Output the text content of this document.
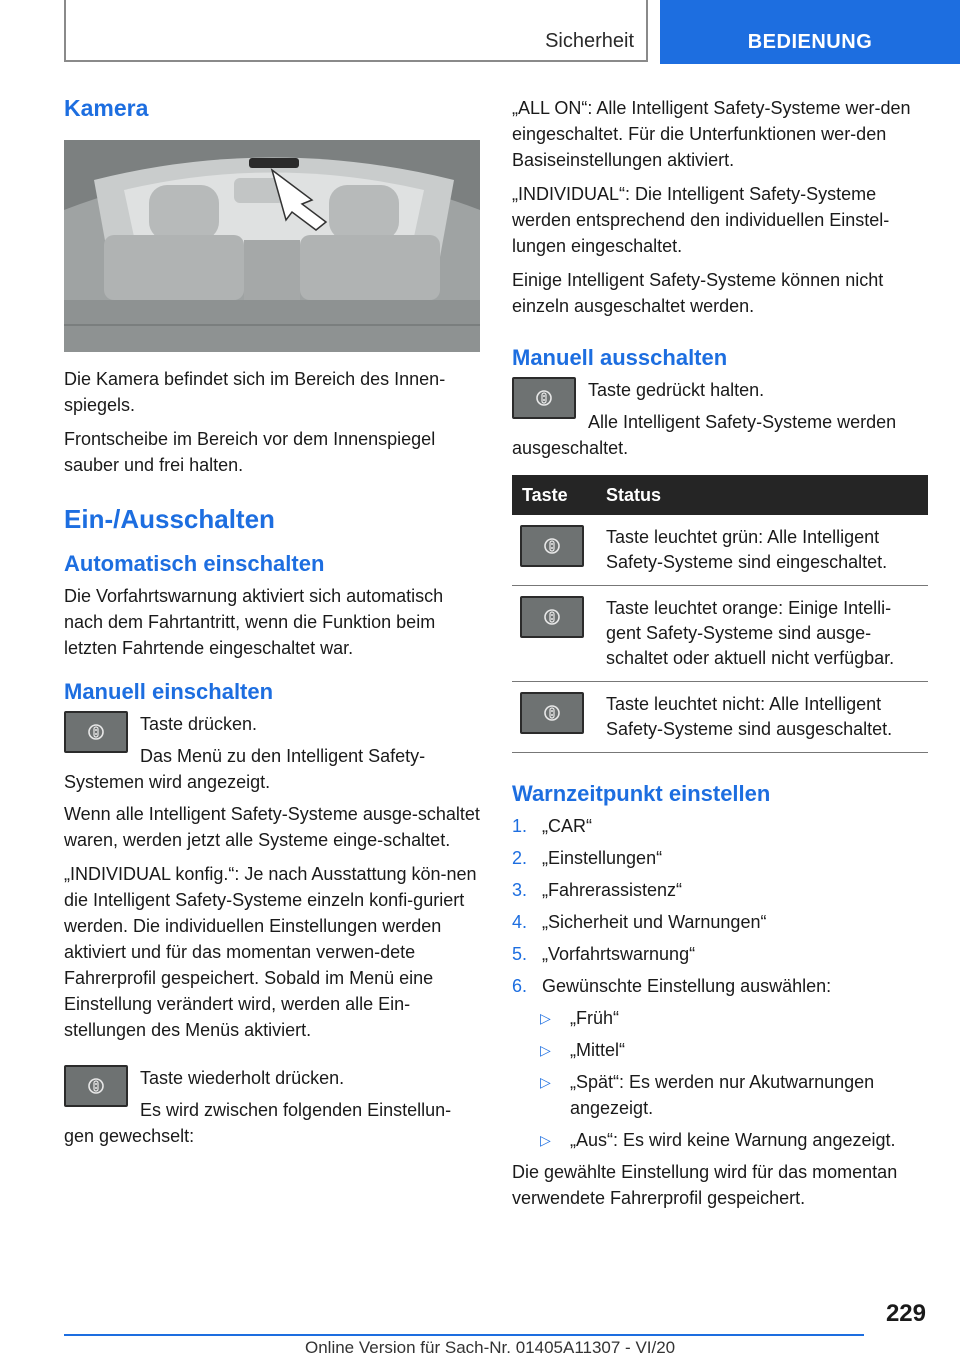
Sicherheit	BEDIENUNG
Kamera

Die Kamera befindet sich im Bereich des Innen-spiegels.

Frontscheibe im Bereich vor dem Innenspiegel sauber und frei halten.

Ein-/Ausschalten
Automatisch einschalten

Die Vorfahrtswarnung aktiviert sich automatisch nach dem Fahrtantritt, wenn die Funktion beim letzten Fahrtende eingeschaltet war.

Manuell einschalten

Taste drücken.

Das Menü zu den Intelligent Safety-Systemen wird angezeigt.

Wenn alle Intelligent Safety-Systeme ausge-schaltet waren, werden jetzt alle Systeme einge-schaltet.

„INDIVIDUAL konfig.“: Je nach Ausstattung kön-nen die Intelligent Safety-Systeme einzeln konfi-guriert werden. Die individuellen Einstellungen werden aktiviert und für das momentan verwen-dete Fahrerprofil gespeichert. Sobald im Menü eine Einstellung verändert wird, werden alle Ein-stellungen des Menüs aktiviert.

Taste wiederholt drücken.

Es wird zwischen folgenden Einstellun-gen gewechselt:

„ALL ON“: Alle Intelligent Safety-Systeme wer-den eingeschaltet. Für die Unterfunktionen wer-den Basiseinstellungen aktiviert.

„INDIVIDUAL“: Die Intelligent Safety-Systeme werden entsprechend den individuellen Einstel-lungen eingeschaltet.

Einige Intelligent Safety-Systeme können nicht einzeln ausgeschaltet werden.

Manuell ausschalten

Taste gedrückt halten.

Alle Intelligent Safety-Systeme werden ausgeschaltet.

Taste	Status

	Taste leuchtet grün: Alle Intelligent Safety-Systeme sind eingeschaltet.

	Taste leuchtet orange: Einige Intelli-gent Safety-Systeme sind ausge-schaltet oder aktuell nicht verfügbar.

	Taste leuchtet nicht: Alle Intelligent Safety-Systeme sind ausgeschaltet.
Warnzeitpunkt einstellen
1. „CAR“
2. „Einstellungen“
3. „Fahrerassistenz“
4. „Sicherheit und Warnungen“
5. „Vorfahrtswarnung“
6. Gewünschte Einstellung auswählen:
▷	„Früh“
▷	„Mittel“
▷	„Spät“: Es werden nur Akutwarnungen angezeigt.
▷	„Aus“: Es wird keine Warnung angezeigt.

Die gewählte Einstellung wird für das momentan verwendete Fahrerprofil gespeichert.

229
Online Version für Sach-Nr. 01405A11307 - VI/20
